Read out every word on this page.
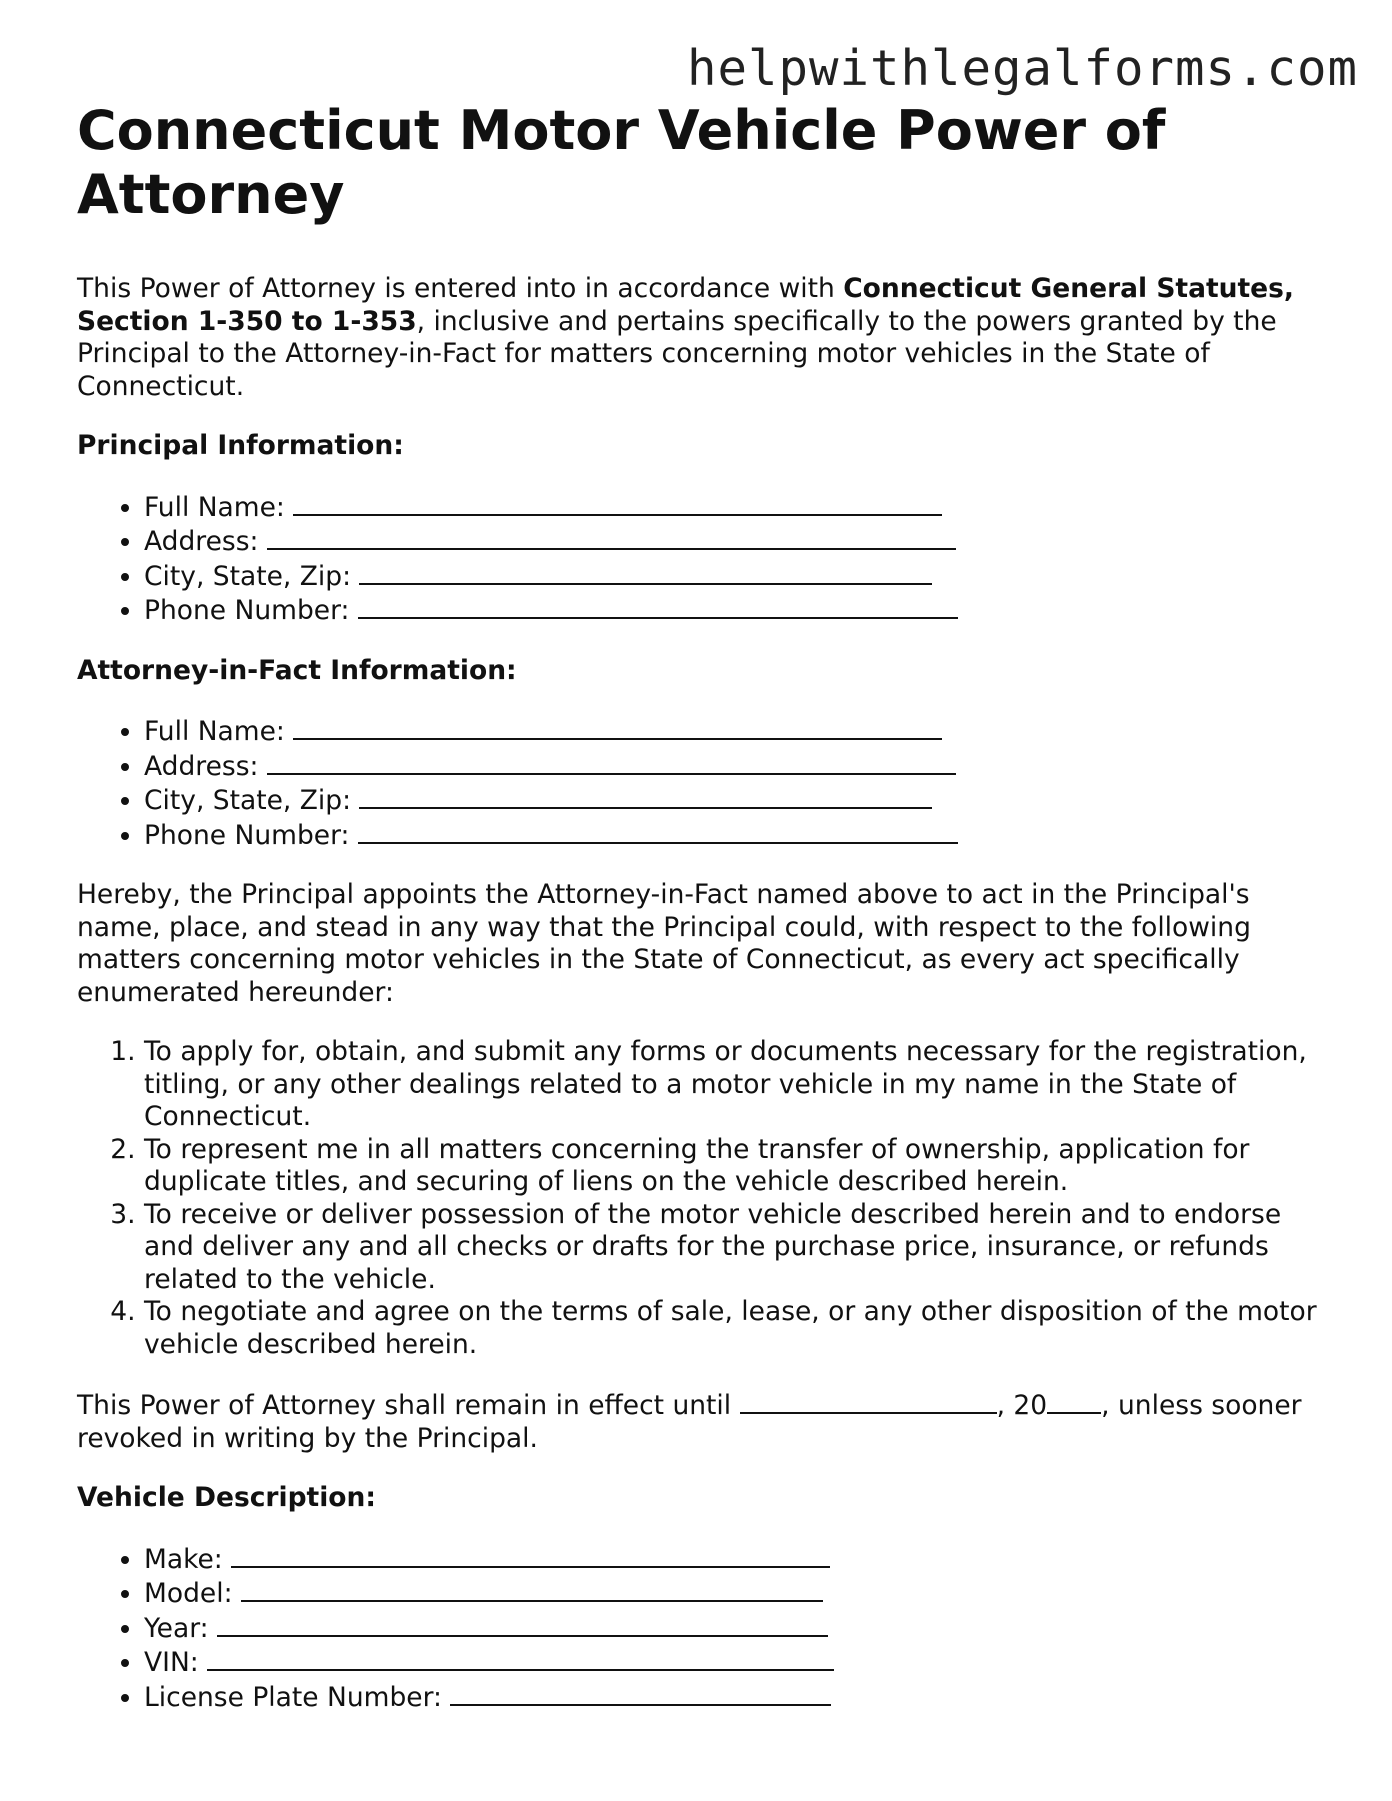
helpwithlegalforms.com
Connecticut Motor Vehicle Power of Attorney

This Power of Attorney is entered into in accordance with Connecticut General Statutes, Section 1-350 to 1-353, inclusive and pertains specifically to the powers granted by the Principal to the Attorney-in-Fact for matters concerning motor vehicles in the State of Connecticut.

Principal Information:

• Full Name:
• Address:
• City, State, Zip:
• Phone Number:

Attorney-in-Fact Information:

• Full Name:
• Address:
• City, State, Zip:
• Phone Number:

Hereby, the Principal appoints the Attorney-in-Fact named above to act in the Principal's name, place, and stead in any way that the Principal could, with respect to the following matters concerning motor vehicles in the State of Connecticut, as every act specifically enumerated hereunder:

1. To apply for, obtain, and submit any forms or documents necessary for the registration, titling, or any other dealings related to a motor vehicle in my name in the State of Connecticut.
2. To represent me in all matters concerning the transfer of ownership, application for duplicate titles, and securing of liens on the vehicle described herein.
3. To receive or deliver possession of the motor vehicle described herein and to endorse and deliver any and all checks or drafts for the purchase price, insurance, or refunds related to the vehicle.
4. To negotiate and agree on the terms of sale, lease, or any other disposition of the motor vehicle described herein.

This Power of Attorney shall remain in effect until	, 20 , unless sooner revoked in writing by the Principal.

Vehicle Description:

• Make:
• Model:
• Year:
• VIN:
• License Plate Number:
